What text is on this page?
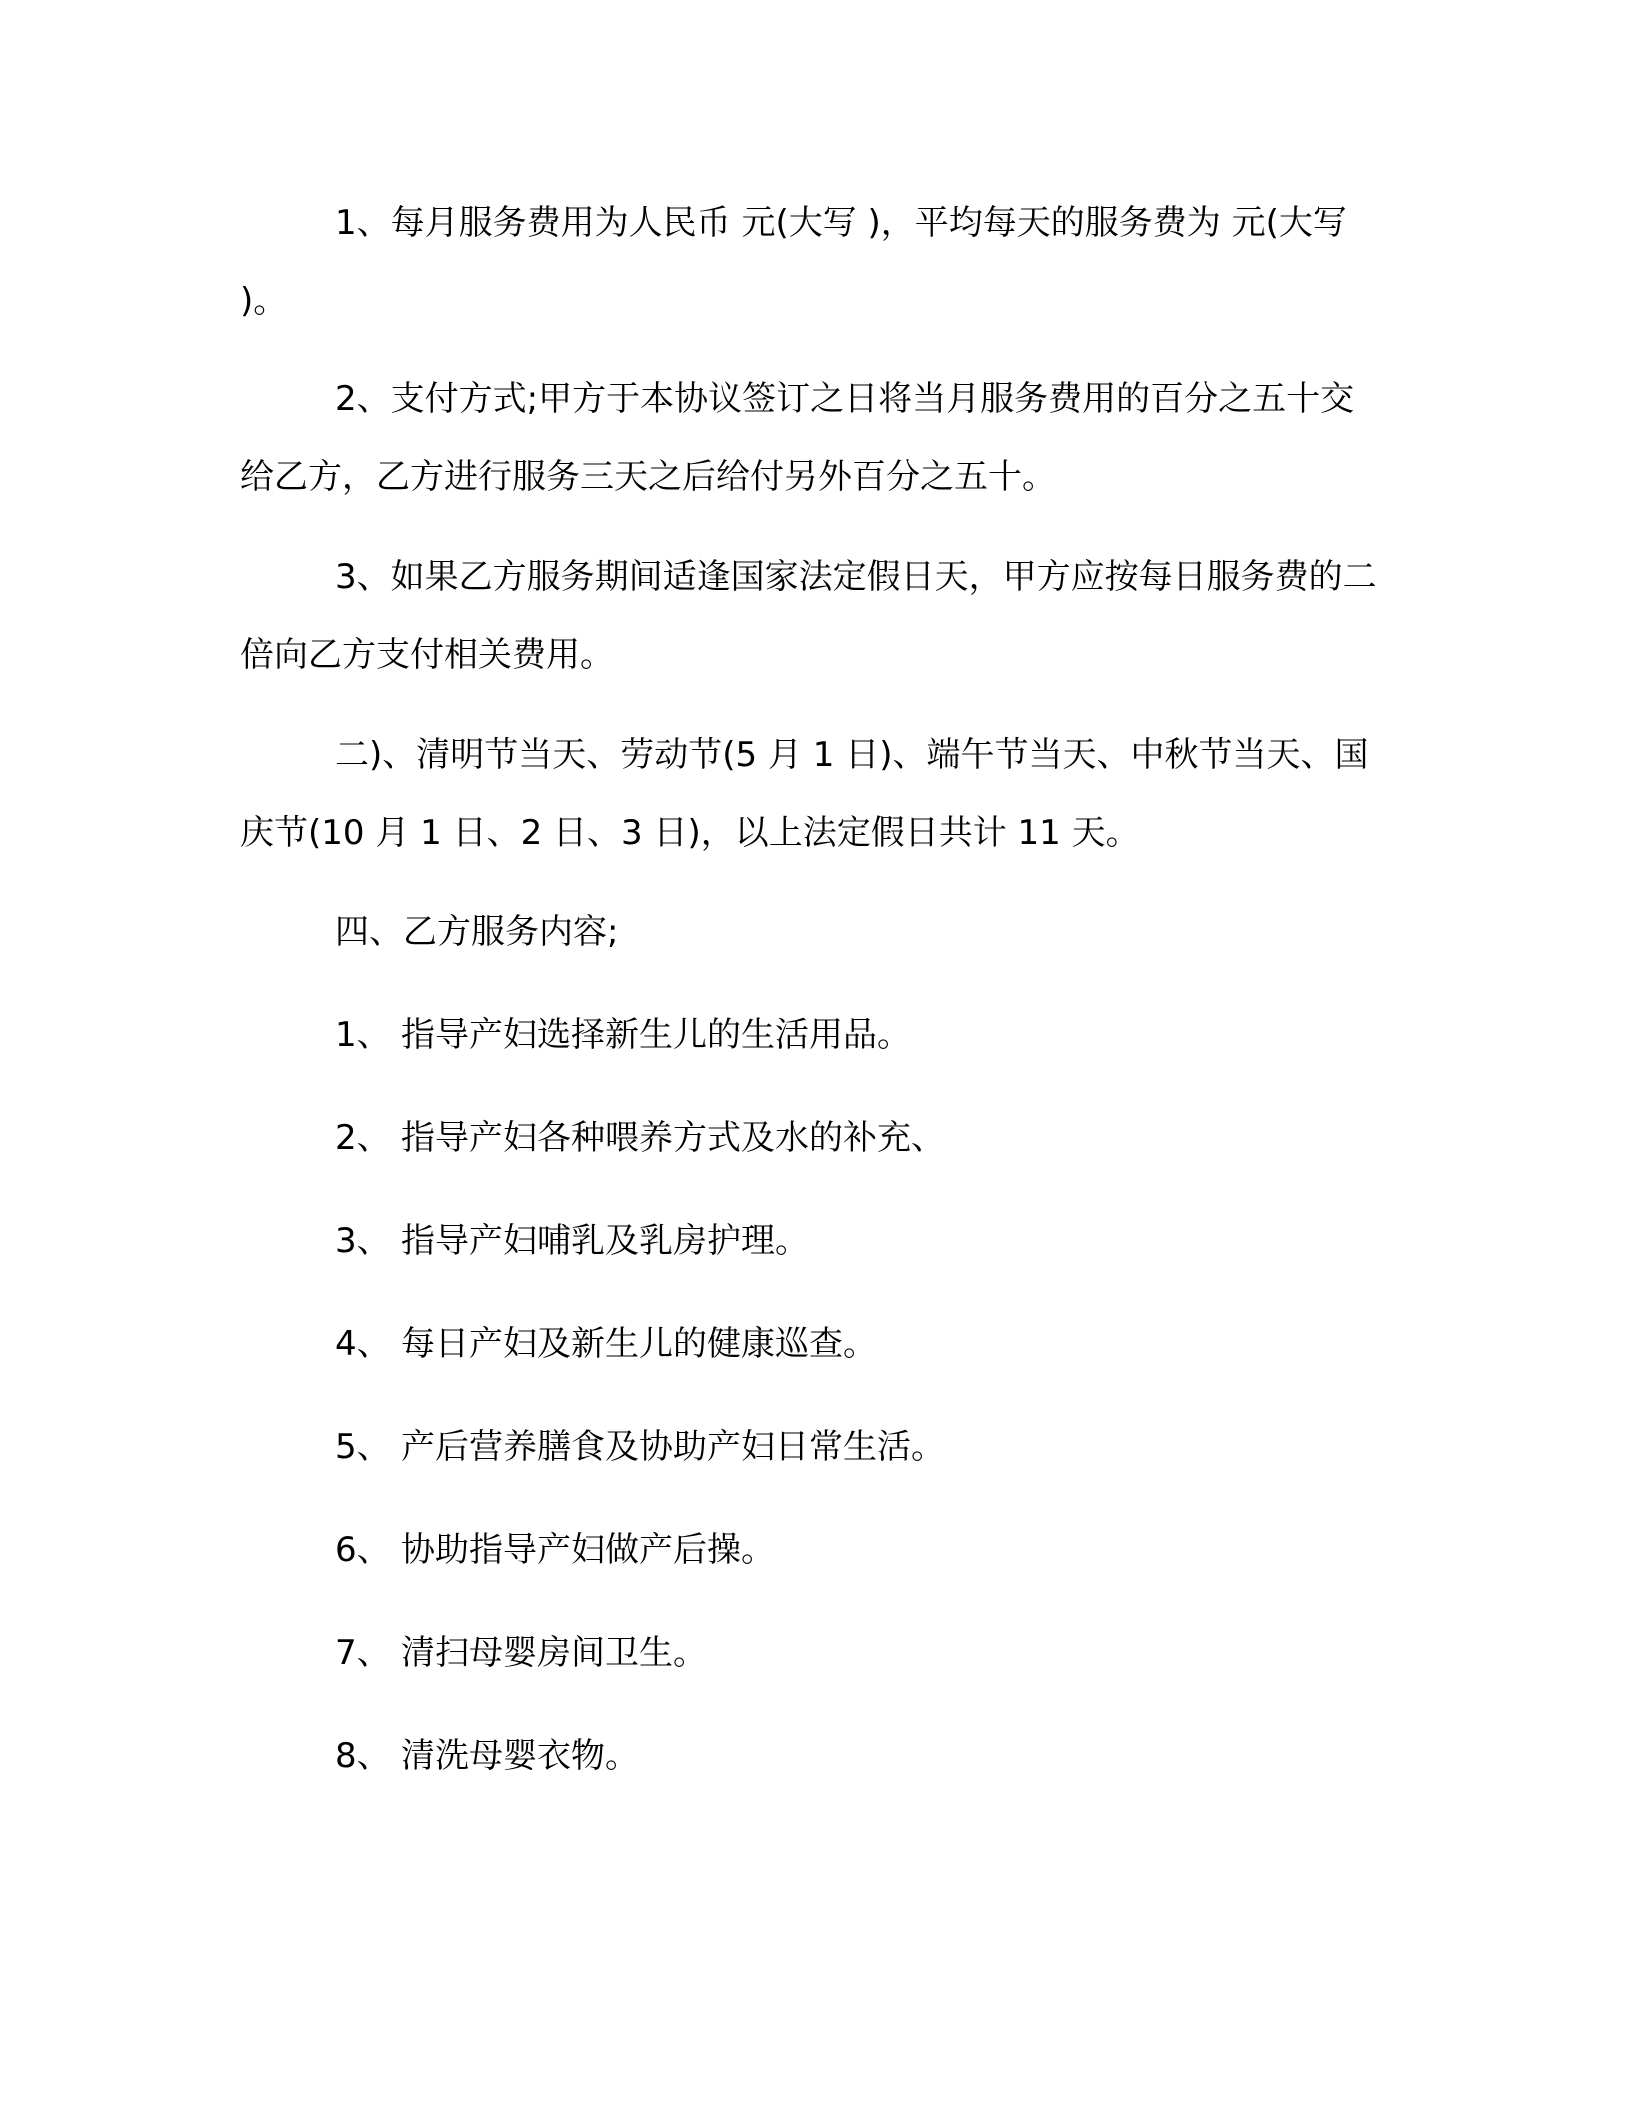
1、每月服务费用为人民币 元(大写 )，平均每天的服务费为 元(大写 )。

2、支付方式;甲方于本协议签订之日将当月服务费用的百分之五十交给乙方，乙方进行服务三天之后给付另外百分之五十。

3、如果乙方服务期间适逢国家法定假日天，甲方应按每日服务费的二倍向乙方支付相关费用。

二)、清明节当天、劳动节(5 月 1 日)、端午节当天、中秋节当天、国庆节(10 月 1 日、2 日、3 日)，以上法定假日共计 11 天。

四、乙方服务内容;

1、 指导产妇选择新生儿的生活用品。

2、 指导产妇各种喂养方式及水的补充、

3、 指导产妇哺乳及乳房护理。

4、 每日产妇及新生儿的健康巡查。

5、 产后营养膳食及协助产妇日常生活。

6、 协助指导产妇做产后操。

7、 清扫母婴房间卫生。

8、 清洗母婴衣物。
